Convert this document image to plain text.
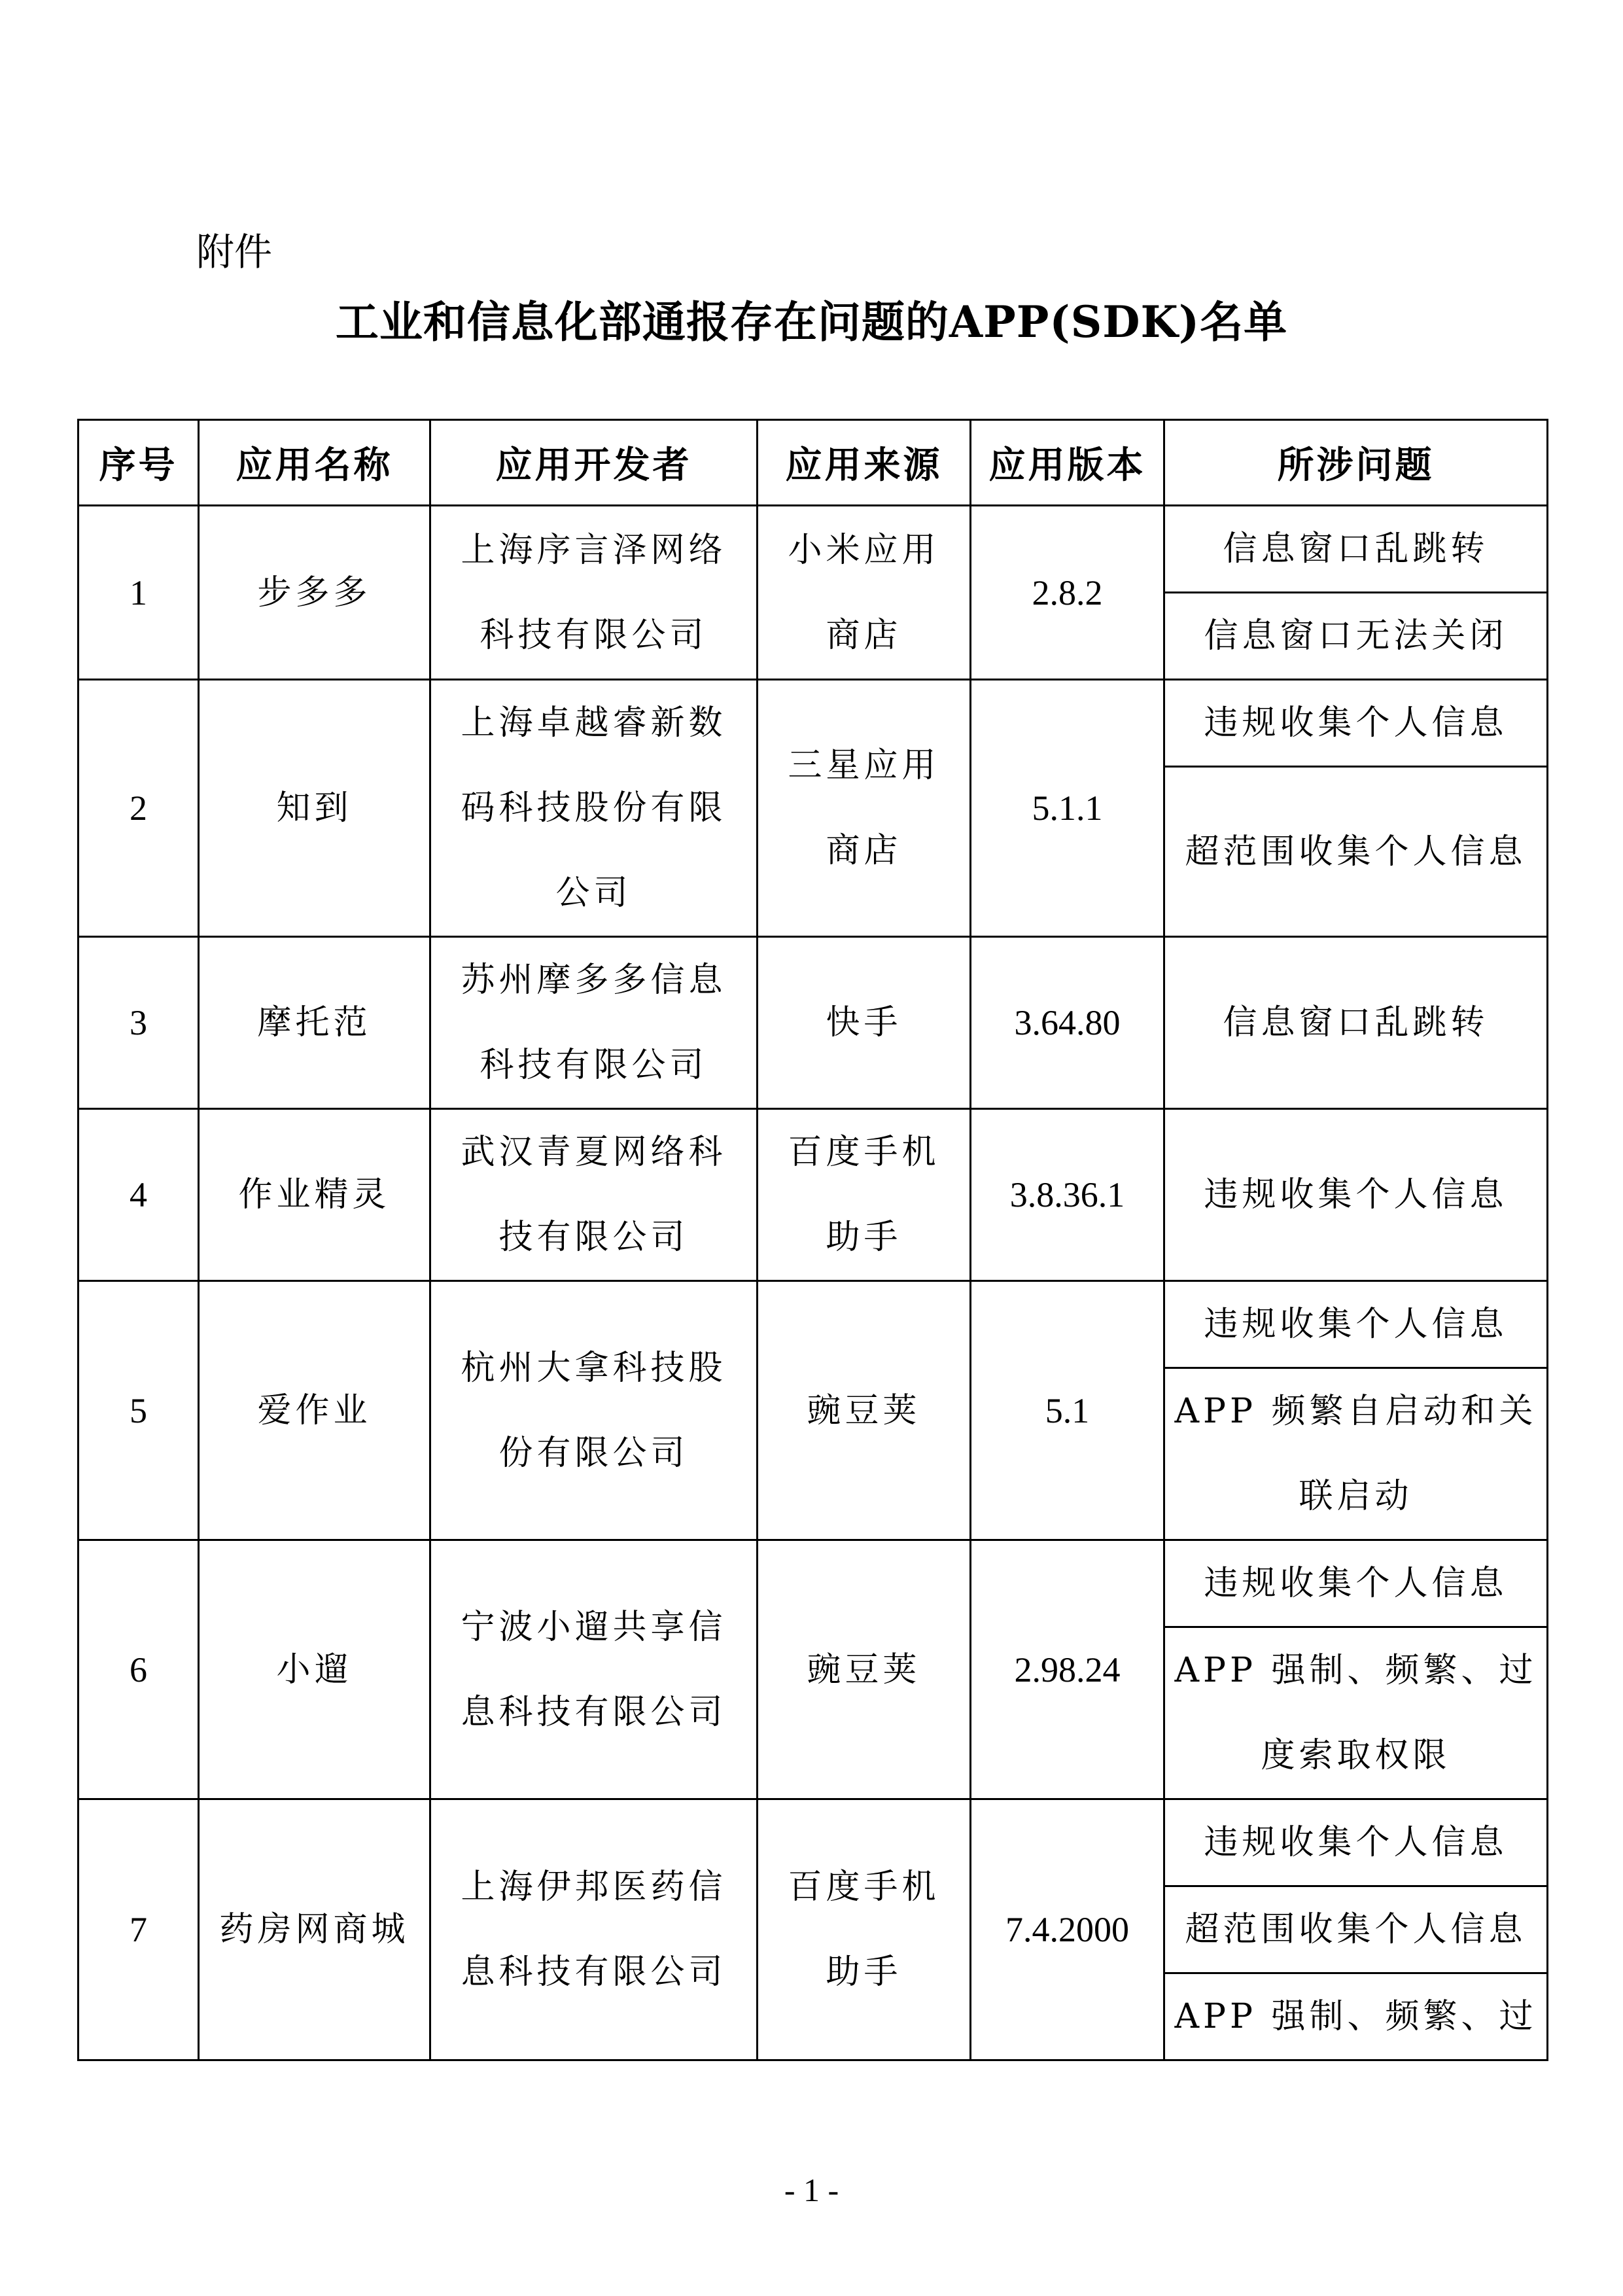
附件
工业和信息化部通报存在问题的APP(SDK)名单
序号	应用名称	应用开发者	应用来源	应用版本	所涉问题
1	步多多	上海序言泽网络科技有限公司	小米应用商店	2.8.2	信息窗口乱跳转
					信息窗口无法关闭
2	知到	上海卓越睿新数码科技股份有限公司	三星应用商店	5.1.1	违规收集个人信息
					超范围收集个人信息
3	摩托范	苏州摩多多信息科技有限公司	快手	3.64.80	信息窗口乱跳转
4	作业精灵	武汉青夏网络科技有限公司	百度手机助手	3.8.36.1	违规收集个人信息
5	爱作业	杭州大拿科技股份有限公司	豌豆荚	5.1	违规收集个人信息
					APP 频繁自启动和关联启动
6	小遛	宁波小遛共享信息科技有限公司	豌豆荚	2.98.24	违规收集个人信息
					APP 强制、频繁、过度索取权限
7	药房网商城	上海伊邦医药信息科技有限公司	百度手机助手	7.4.2000	违规收集个人信息
					超范围收集个人信息
					APP 强制、频繁、过
- 1 -
